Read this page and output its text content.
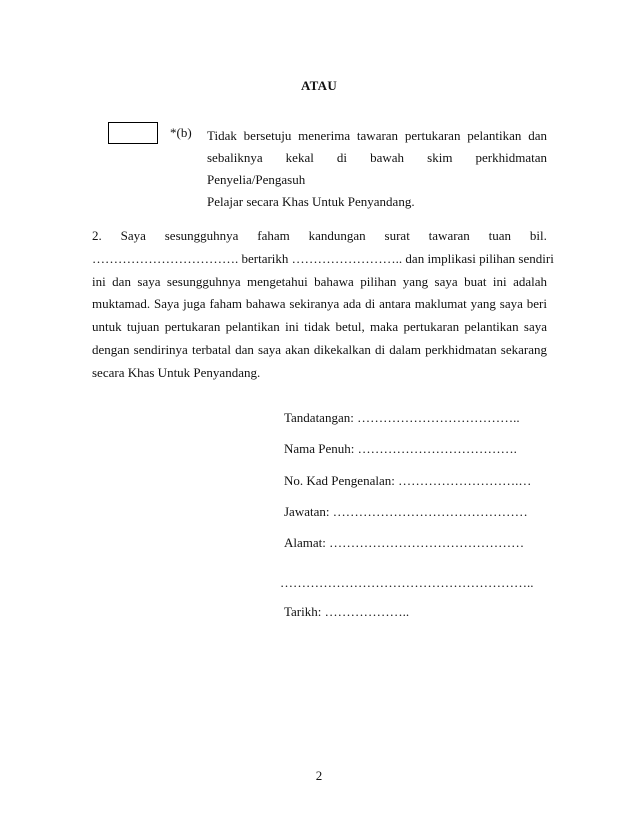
ATAU
*(b) Tidak bersetuju menerima tawaran pertukaran pelantikan dan
sebaliknya kekal di bawah skim perkhidmatan Penyelia/Pengasuh
Pelajar secara Khas Untuk Penyandang.
2. Saya sesungguhnya faham kandungan surat tawaran tuan bil.
……………………………. bertarikh …………………….. dan implikasi pilihan sendiri
ini dan saya sesungguhnya mengetahui bahawa pilihan yang saya buat ini adalah
muktamad. Saya juga faham bahawa sekiranya ada di antara maklumat yang saya beri
untuk tujuan pertukaran pelantikan ini tidak betul, maka pertukaran pelantikan saya
dengan sendirinya terbatal dan saya akan dikekalkan di dalam perkhidmatan sekarang
secara Khas Untuk Penyandang.
Tandatangan: ………………………………..
Nama Penuh: ……………………………….
No. Kad Pengenalan: ……………………….…
Jawatan: ………………………………………
Alamat: ………………………………………
…………………………………………………..
Tarikh: ………………..
2
